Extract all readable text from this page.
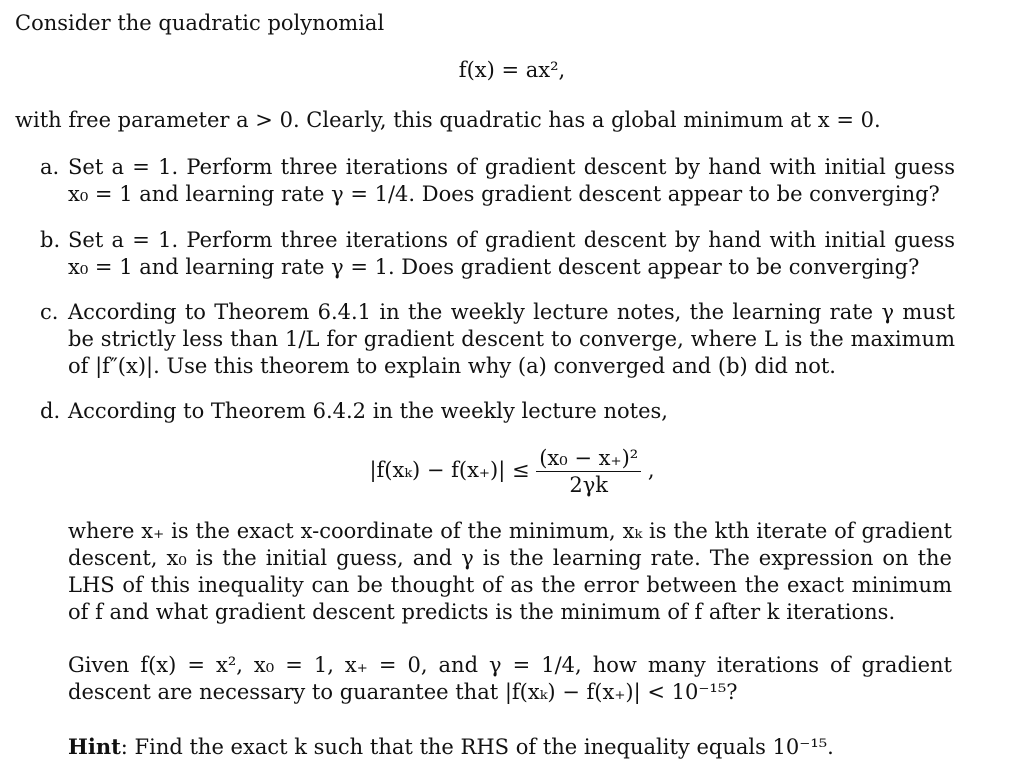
Consider the quadratic polynomial
f(x) = ax²,
with free parameter a > 0. Clearly, this quadratic has a global minimum at x = 0.
a. Set a = 1. Perform three iterations of gradient descent by hand with initial guess x₀ = 1 and learning rate γ = 1/4. Does gradient descent appear to be converging?
b. Set a = 1. Perform three iterations of gradient descent by hand with initial guess x₀ = 1 and learning rate γ = 1. Does gradient descent appear to be converging?
c. According to Theorem 6.4.1 in the weekly lecture notes, the learning rate γ must be strictly less than 1/L for gradient descent to converge, where L is the maximum of |f″(x)|. Use this theorem to explain why (a) converged and (b) did not.
d. According to Theorem 6.4.2 in the weekly lecture notes,
$|f(x_k) - f(x_+)| \le \frac{\text{(x₀ − x₊)²}}{2\gamma k}$ ,
where x₊ is the exact x-coordinate of the minimum, xₖ is the kth iterate of gradient descent, x₀ is the initial guess, and γ is the learning rate. The expression on the LHS of this inequality can be thought of as the error between the exact minimum of f and what gradient descent predicts is the minimum of f after k iterations.
Given f(x) = x², x₀ = 1, x₊ = 0, and γ = 1/4, how many iterations of gradient descent are necessary to guarantee that |f(xₖ) − f(x₊)| < 10⁻¹⁵?
Hint: Find the exact k such that the RHS of the inequality equals 10⁻¹⁵.
